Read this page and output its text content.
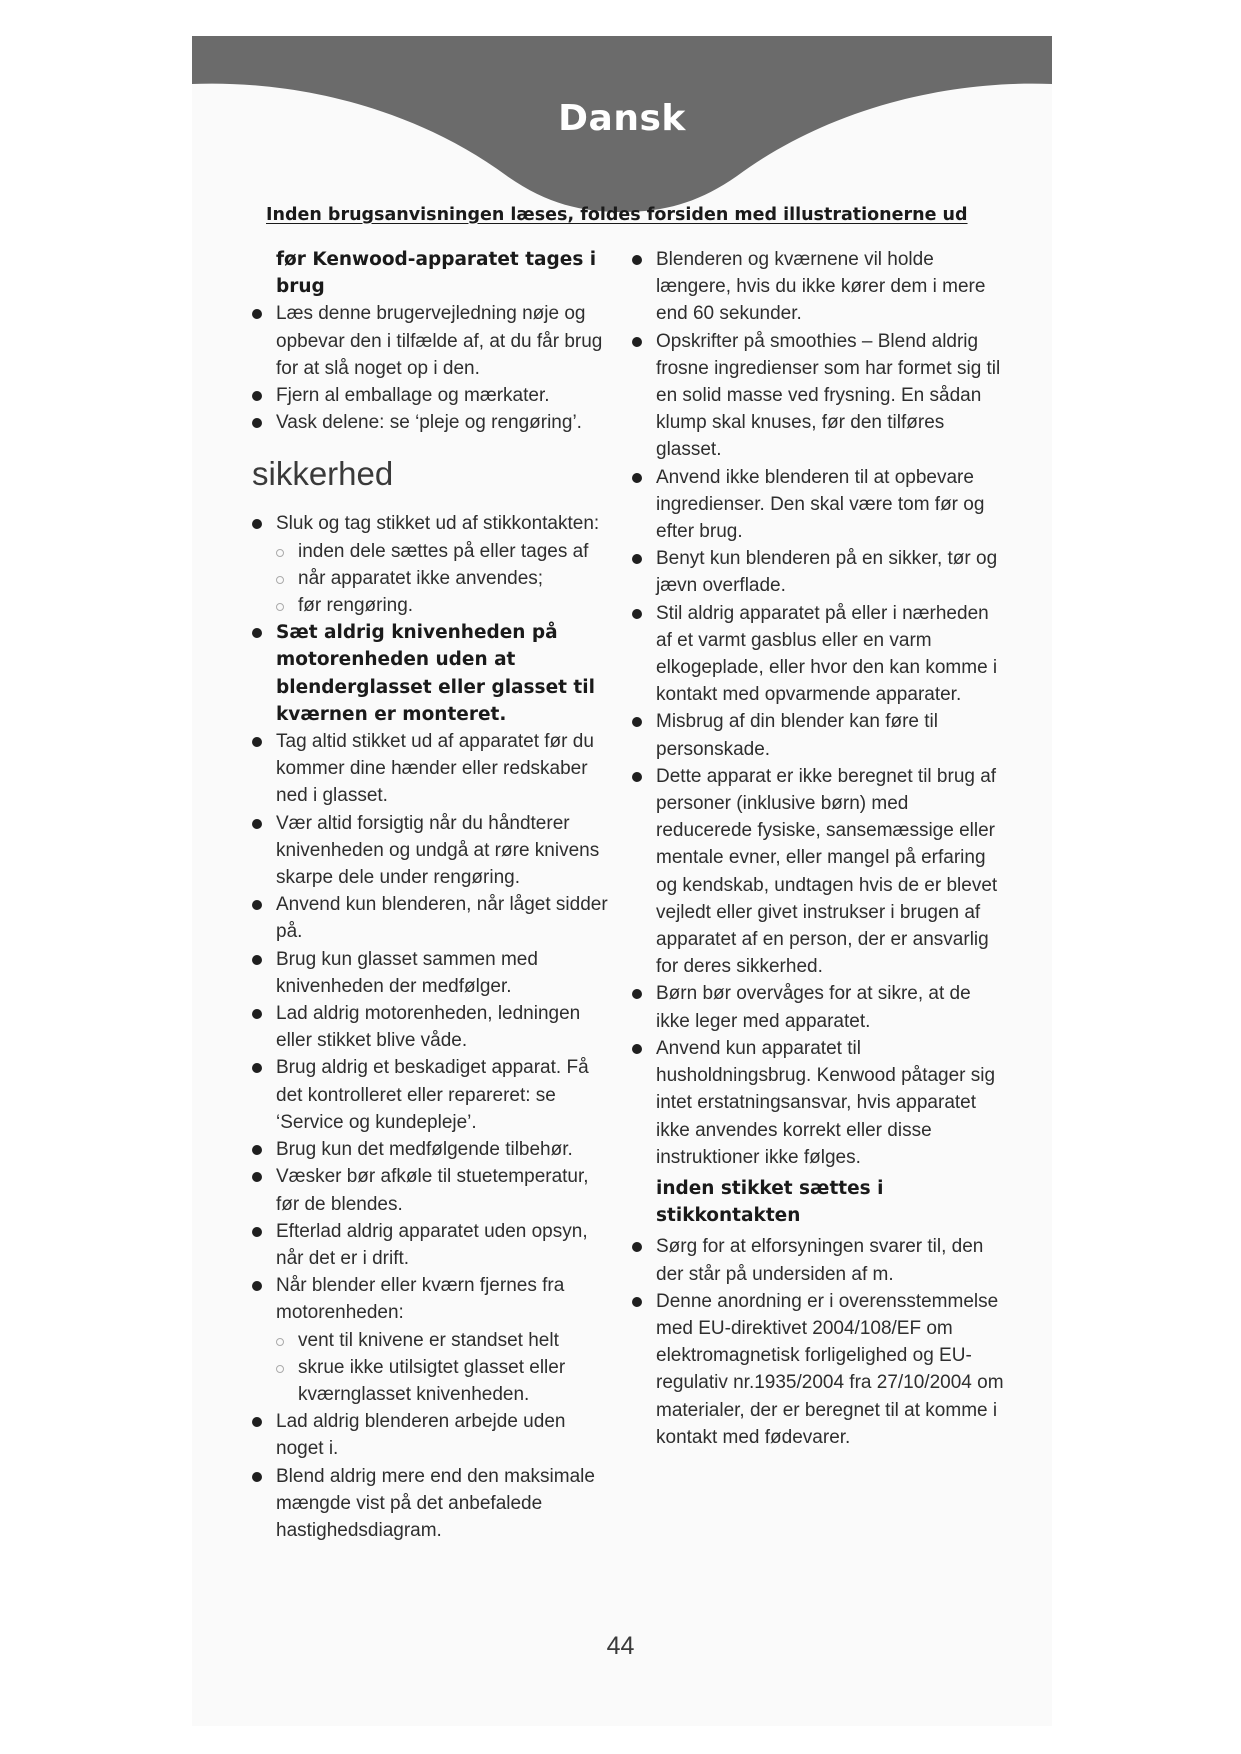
Dansk
Inden brugsanvisningen læses, foldes forsiden med illustrationerne ud
før Kenwood-apparatet tages i brug
Læs denne brugervejledning nøje og opbevar den i tilfælde af, at du får brug for at slå noget op i den.
Fjern al emballage og mærkater.
Vask delene: se ‘pleje og rengøring’.
sikkerhed
Sluk og tag stikket ud af stikkontakten:
inden dele sættes på eller tages af
når apparatet ikke anvendes;
før rengøring.
Sæt aldrig knivenheden på motorenheden uden at blenderglasset eller glasset til kværnen er monteret.
Tag altid stikket ud af apparatet før du kommer dine hænder eller redskaber ned i glasset.
Vær altid forsigtig når du håndterer knivenheden og undgå at røre knivens skarpe dele under rengøring.
Anvend kun blenderen, når låget sidder på.
Brug kun glasset sammen med knivenheden der medfølger.
Lad aldrig motorenheden, ledningen eller stikket blive våde.
Brug aldrig et beskadiget apparat. Få det kontrolleret eller repareret: se ‘Service og kundepleje’.
Brug kun det medfølgende tilbehør.
Væsker bør afkøle til stuetemperatur, før de blendes.
Efterlad aldrig apparatet uden opsyn, når det er i drift.
Når blender eller kværn fjernes fra motorenheden:
vent til knivene er standset helt
skrue ikke utilsigtet glasset eller kværnglasset knivenheden.
Lad aldrig blenderen arbejde uden noget i.
Blend aldrig mere end den maksimale mængde vist på det anbefalede hastighedsdiagram.
Blenderen og kværnene vil holde længere, hvis du ikke kører dem i mere end 60 sekunder.
Opskrifter på smoothies – Blend aldrig frosne ingredienser som har formet sig til en solid masse ved frysning. En sådan klump skal knuses, før den tilføres glasset.
Anvend ikke blenderen til at opbevare ingredienser. Den skal være tom før og efter brug.
Benyt kun blenderen på en sikker, tør og jævn overflade.
Stil aldrig apparatet på eller i nærheden af et varmt gasblus eller en varm elkogeplade, eller hvor den kan komme i kontakt med opvarmende apparater.
Misbrug af din blender kan føre til personskade.
Dette apparat er ikke beregnet til brug af personer (inklusive børn) med reducerede fysiske, sansemæssige eller mentale evner, eller mangel på erfaring og kendskab, undtagen hvis de er blevet vejledt eller givet instrukser i brugen af apparatet af en person, der er ansvarlig for deres sikkerhed.
Børn bør overvåges for at sikre, at de ikke leger med apparatet.
Anvend kun apparatet til husholdningsbrug. Kenwood påtager sig intet erstatningsansvar, hvis apparatet ikke anvendes korrekt eller disse instruktioner ikke følges.
inden stikket sættes i stikkontakten
Sørg for at elforsyningen svarer til, den der står på undersiden af m.
Denne anordning er i overensstemmelse med EU-direktivet 2004/108/EF om elektromagnetisk forligelighed og EU-regulativ nr.1935/2004 fra 27/10/2004 om materialer, der er beregnet til at komme i kontakt med fødevarer.
44
